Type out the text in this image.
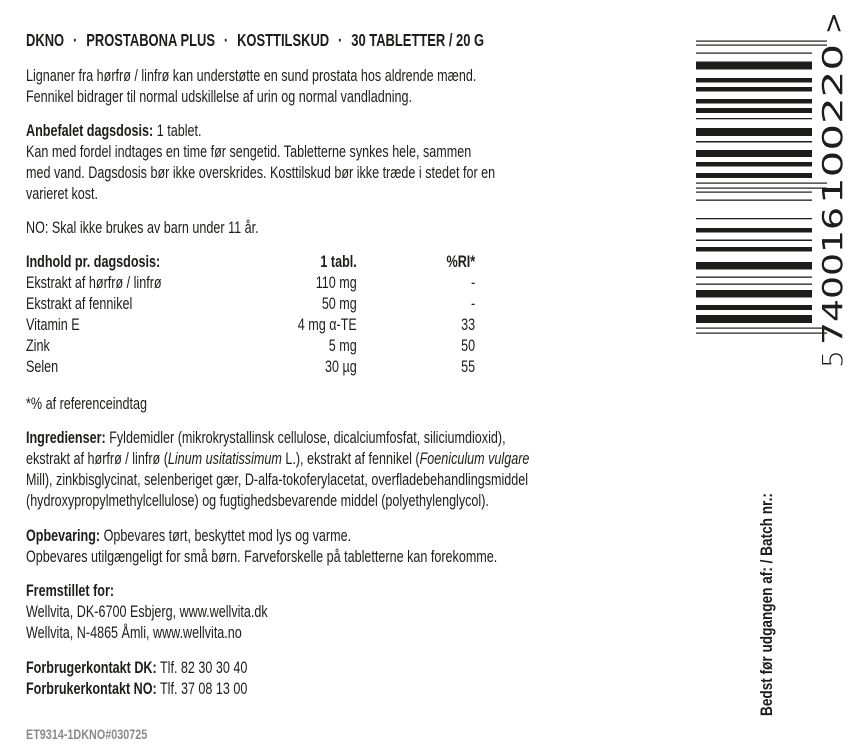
DKNO · PROSTABONA PLUS · KOSTTILSKUD · 30 TABLETTER / 20 G
Lignaner fra hørfrø / linfrø kan understøtte en sund prostata hos aldrende mænd.
Fennikel bidrager til normal udskillelse af urin og normal vandladning.
Anbefalet dagsdosis: 1 tablet.
Kan med fordel indtages en time før sengetid. Tabletterne synkes hele, sammen
med vand. Dagsdosis bør ikke overskrides. Kosttilskud bør ikke træde i stedet for en
varieret kost.
NO: Skal ikke brukes av barn under 11 år.
Indhold pr. dagsdosis:	1 tabl.	%RI*
Ekstrakt af hørfrø / linfrø	110 mg	-
Ekstrakt af fennikel	50 mg	-
Vitamin E	4 mg α-TE	33
Zink	5 mg	50
Selen	30 µg	55
*% af referenceindtag
Ingredienser: Fyldemidler (mikrokrystallinsk cellulose, dicalciumfosfat, siliciumdioxid),
ekstrakt af hørfrø / linfrø (Linum usitatissimum L.), ekstrakt af fennikel (Foeniculum vulgare
Mill), zinkbisglycinat, selenberiget gær, D-alfa-tokoferylacetat, overfladebehandlingsmiddel
(hydroxypropylmethylcellulose) og fugtighedsbevarende middel (polyethylenglycol).
Opbevaring: Opbevares tørt, beskyttet mod lys og varme.
Opbevares utilgængeligt for små børn. Farveforskelle på tabletterne kan forekomme.
Fremstillet for:
Wellvita, DK-6700 Esbjerg, www.wellvita.dk
Wellvita, N-4865 Åmli, www.wellvita.no
Forbrugerkontakt DK: Tlf. 82 30 30 40
Forbrukerkontakt NO: Tlf. 37 08 13 00
ET9314-1DKNO#030725
Bedst før udgangen af: / Batch nr.:
5
740016
100220
>
